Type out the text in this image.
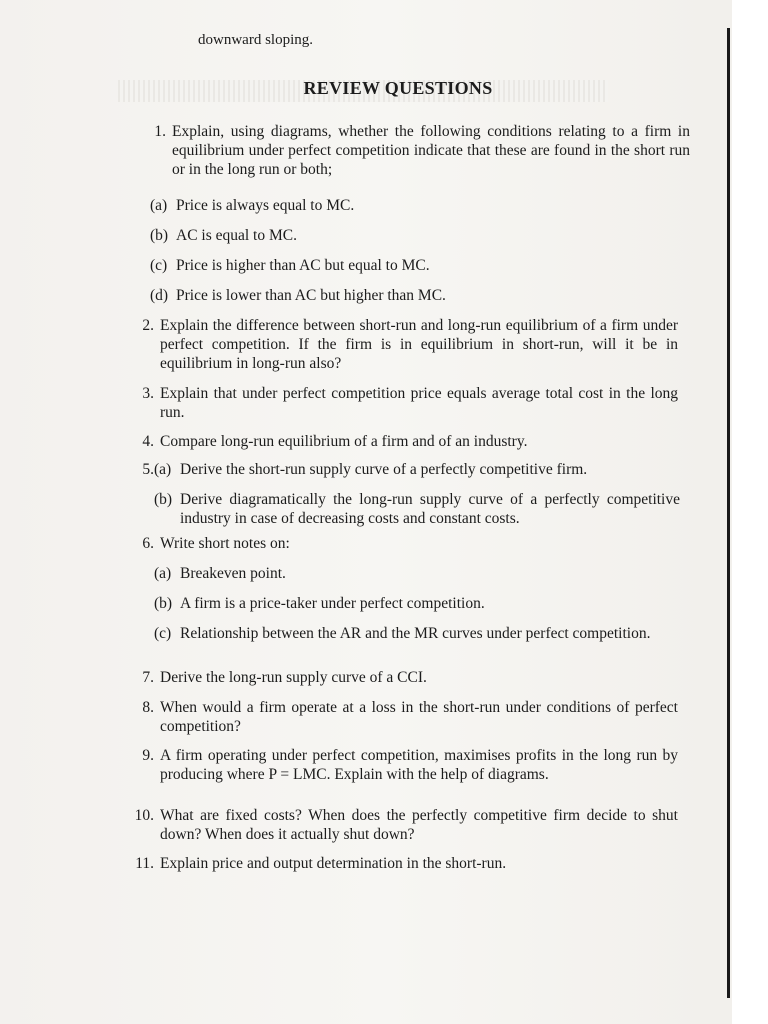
downward sloping.
REVIEW QUESTIONS
1. Explain, using diagrams, whether the following conditions relating to a firm in equilibrium under perfect competition indicate that these are found in the short run or in the long run or both;
(a) Price is always equal to MC.
(b) AC is equal to MC.
(c) Price is higher than AC but equal to MC.
(d) Price is lower than AC but higher than MC.
2. Explain the difference between short-run and long-run equilibrium of a firm under perfect competition. If the firm is in equilibrium in short-run, will it be in equilibrium in long-run also?
3. Explain that under perfect competition price equals average total cost in the long run.
4. Compare long-run equilibrium of a firm and of an industry.
5. (a) Derive the short-run supply curve of a perfectly competitive firm.
(b) Derive diagramatically the long-run supply curve of a perfectly competitive industry in case of decreasing costs and constant costs.
6. Write short notes on:
(a) Breakeven point.
(b) A firm is a price-taker under perfect competition.
(c) Relationship between the AR and the MR curves under perfect competition.
7. Derive the long-run supply curve of a CCI.
8. When would a firm operate at a loss in the short-run under conditions of perfect competition?
9. A firm operating under perfect competition, maximises profits in the long run by producing where P = LMC. Explain with the help of diagrams.
10. What are fixed costs? When does the perfectly competitive firm decide to shut down? When does it actually shut down?
11. Explain price and output determination in the short-run.
